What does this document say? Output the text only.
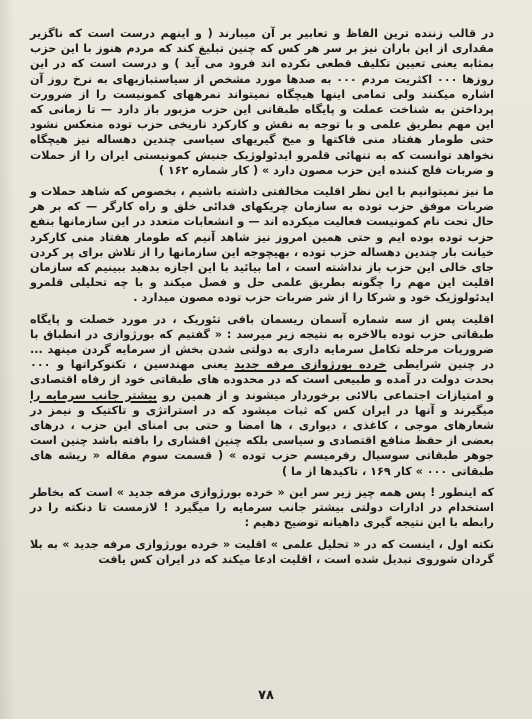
در قالب زننده ترین الفاظ و تعابیر بر آن میبارند ( و اینهم درست است که ناگزیر مقداری از این باران نیز بر سر هر کس که چنین تبلیغ کند که مردم هنوز با این حزب بمثابه یعنی تعیین تکلیف قطعی نکرده اند فرود می آید ) و درست است که در این روزها ۰۰۰ اکثریت مردم ۰۰۰ به صدها مورد مشخص از سیاستبازیهای به نرخ روز آن اشاره میکنند ولی تمامی اینها هیچگاه نمیتواند نمرههای کمونیست را از ضرورت پرداختن به شناخت عملت و پایگاه طبقاتی این حزب مزبور باز دارد — تا زمانی که این مهم بطریق علمی و با توجه به نقش و کارکرد تاریخی حزب توده منعکس نشود حتی طومار هفتاد منی فاکتها و میخ گیریهای سیاسی چندین دهساله نیز هیچگاه نخواهد توانست که به تنهائی قلمرو ایدئولوژیک جنبش کمونیستی ایران را از حملات و ضربات فلج کننده این حزب مصون دارد » ( کار شماره ۱۶۲ )

ما نیز نمیتوانیم با این نظر اقلیت مخالفتی داشته باشیم ، بخصوص که شاهد حملات و ضربات موفق حزب توده به سازمان چریکهای فدائی خلق و راه کارگر — که بر هر حال تحت نام کمونیست فعالیت میکرده اند — و انشعابات متعدد در این سازمانها بنفع حزب توده بوده ایم و حتی همین امروز نیز شاهد آنیم که طومار هفتاد منی کارکرد خیانت بار چندین دهساله حزب توده ، بهیچوجه این سازمانها را از تلاش برای پر کردن جای خالی این حزب باز نداشته است ، اما بیائید با این اجازه بدهید ببینیم که سازمان اقلیت این مهم را چگونه بطریق علمی حل و فصل میکند و با چه تحلیلی قلمرو ایدئولوژیک خود و شرکا را از شر ضربات حزب توده مصون میدارد .

اقلیت پس از سه شماره آسمان ریسمان بافی تئوریک ، در مورد خصلت و پایگاه طبقاتی حزب توده بالاخره به نتیجه زیر میرسد : « گفتیم که بورژوازی در انطباق با ضروریات مرحله تکامل سرمایه داری به دولتی شدن بخش از سرمایه گردن مینهد ... در چنین شرایطی خرده بورژوازی مرفه جدید یعنی مهندسین ، تکنوکراتها و ۰۰۰ بحدت دولت در آمده و طبیعی است که در محدوده های طبقاتی خود از رفاه اقتصادی و امتیازات اجتماعی بالائی برخوردار میشوند و از همین رو بیشتر جانب سرمایه را میگیرند و آنها در ایران کس که ثبات میشود که در استراتژی و تاکتیک و نیمز در شعارهای موجی ، کاغذی ، دیواری ، ها امضا و حتی بی امنای این حزب ، درهای بعضی از حفظ منافع اقتصادی و سیاسی بلکه چنین اقشاری را بافته باشد چنین است جوهر طبقاتی سوسیال رفرمیسم حزب توده » ( قسمت سوم مقاله « ریشه های طبقاتی ۰۰۰ » کار ۱۶۹ ، تاکیدها از ما )

که اینطور ! پس همه چیز زیر سر این « خرده بورژوازی مرفه جدید » است که بخاطر استخدام در ادارات دولتی بیشتر جانب سرمایه را میگیرد ! لازمست تا دنکته را در رابطه با این نتیجه گیری داهیانه توضیح دهیم :

نکته اول ، اینست که در « تحلیل علمی » اقلیت « خرده بورژوازی مرفه جدید » به بلا گردان شوروی تبدیل شده است ، اقلیت ادعا میکند که در ایران کس یافت

۷۸
